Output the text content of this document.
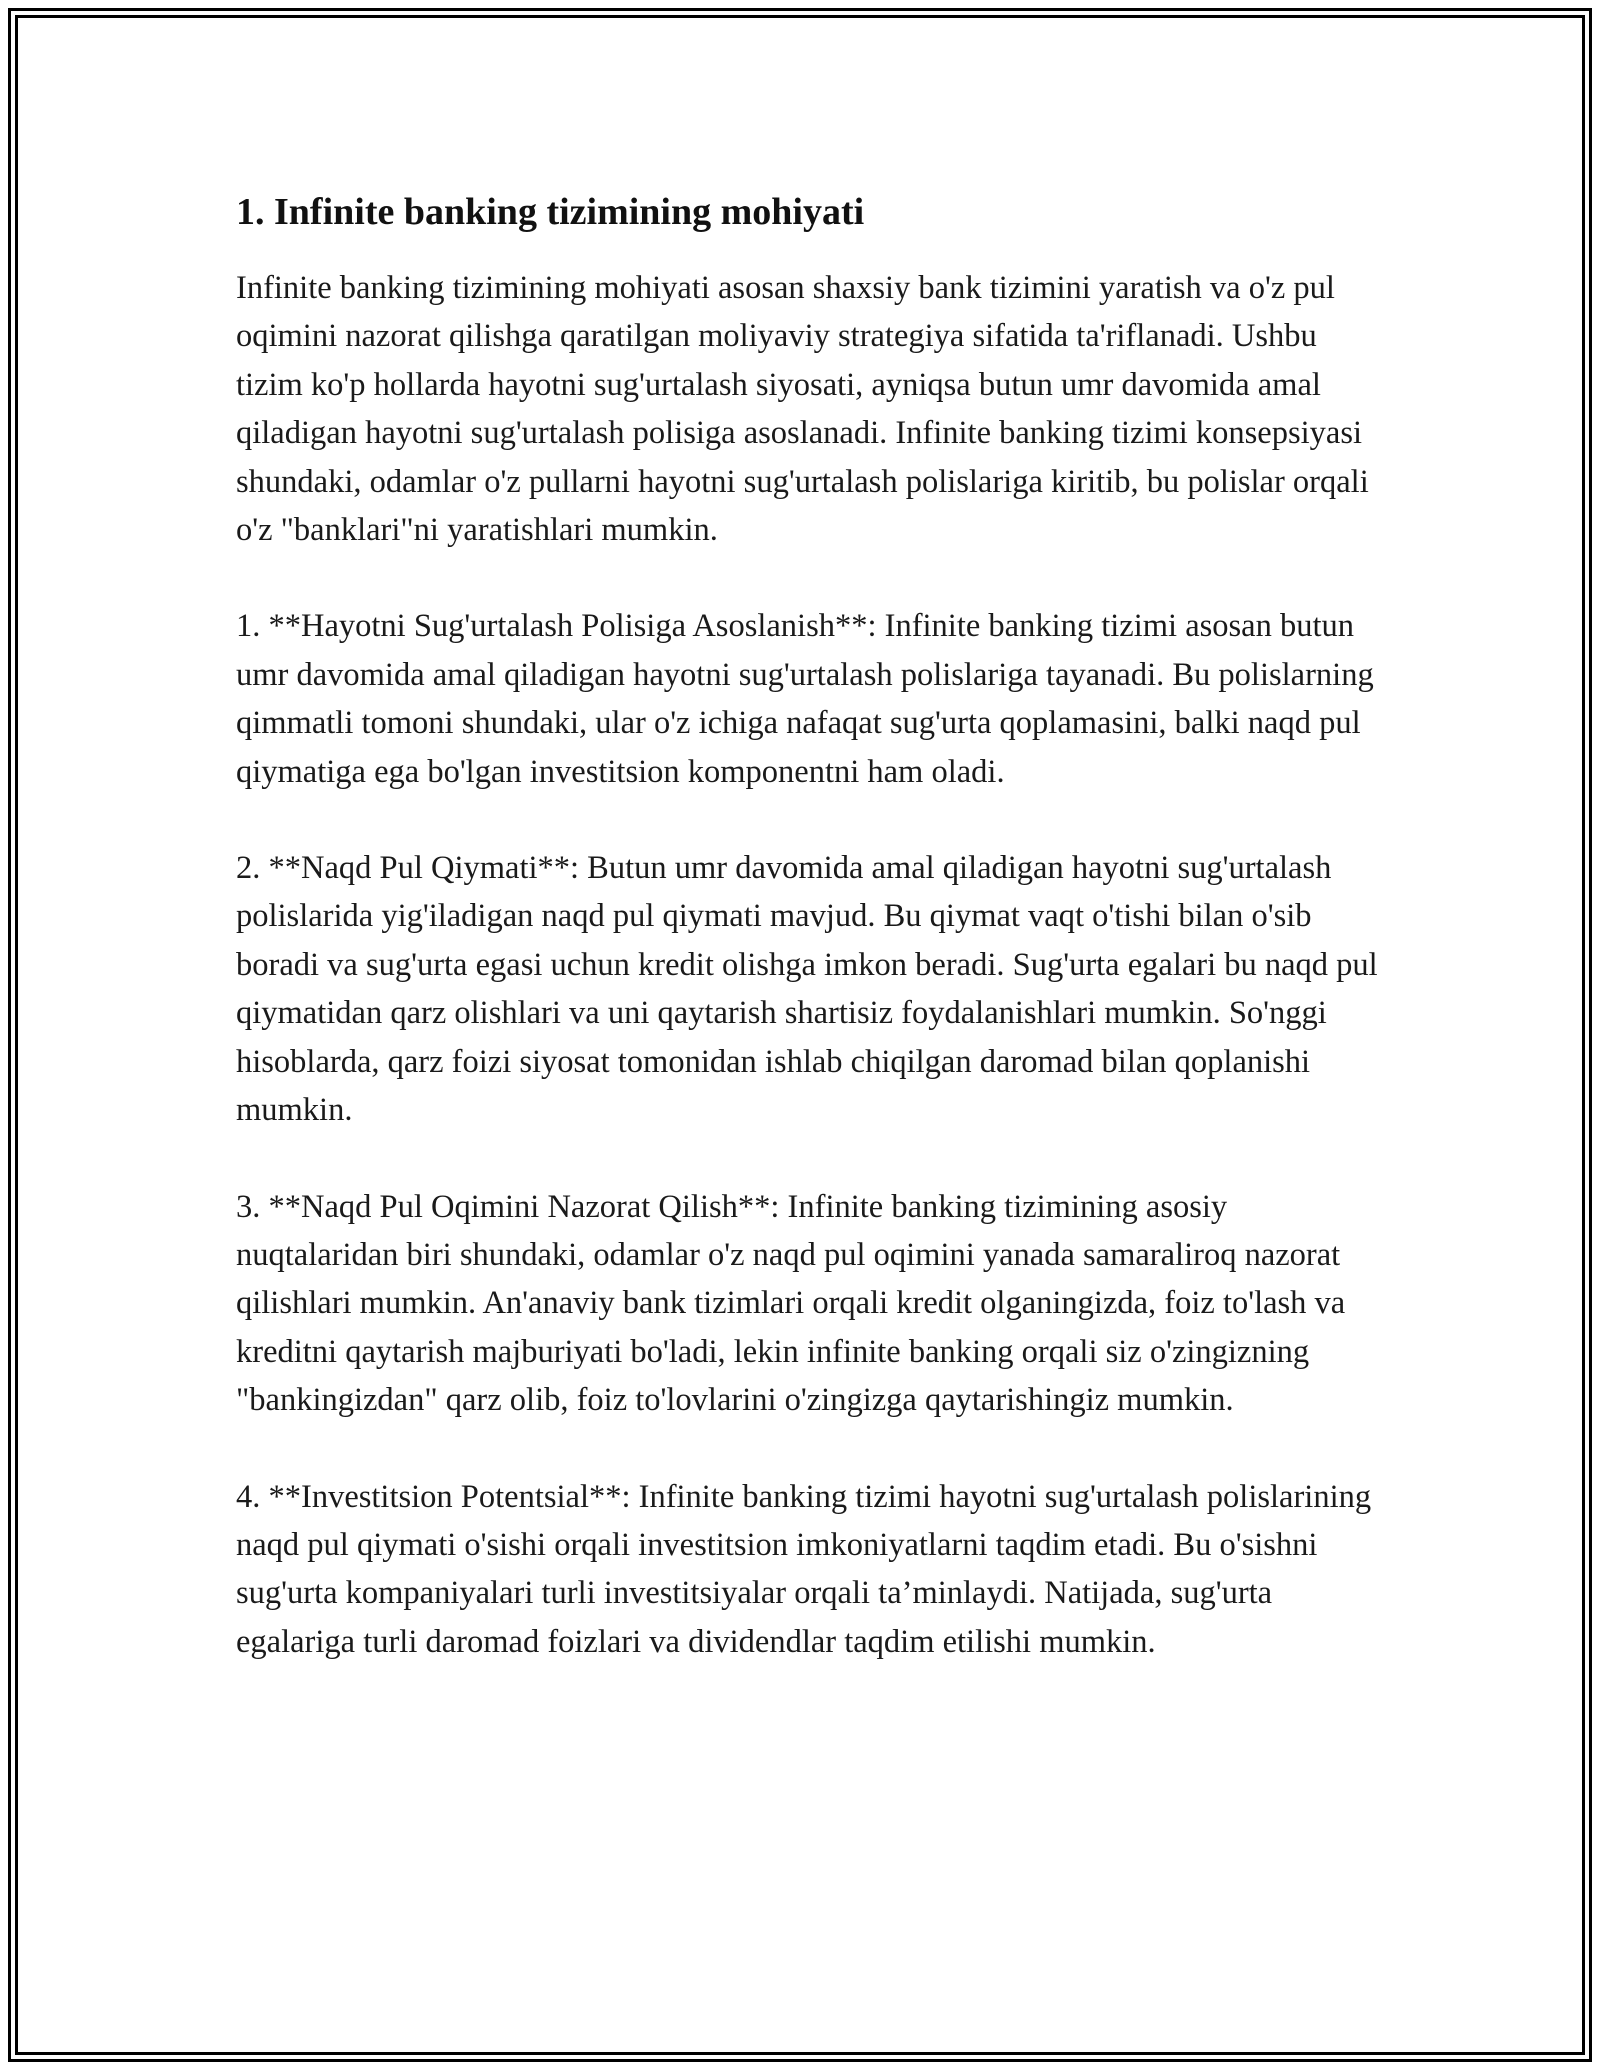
1. Infinite banking tizimining mohiyati

Infinite banking tizimining mohiyati asosan shaxsiy bank tizimini yaratish va o'z pul oqimini nazorat qilishga qaratilgan moliyaviy strategiya sifatida ta'riflanadi. Ushbu tizim ko'p hollarda hayotni sug'urtalash siyosati, ayniqsa butun umr davomida amal qiladigan hayotni sug'urtalash polisiga asoslanadi. Infinite banking tizimi konsepsiyasi shundaki, odamlar o'z pullarni hayotni sug'urtalash polislariga kiritib, bu polislar orqali o'z "banklari"ni yaratishlari mumkin.

1. **Hayotni Sug'urtalash Polisiga Asoslanish**: Infinite banking tizimi asosan butun umr davomida amal qiladigan hayotni sug'urtalash polislariga tayanadi. Bu polislarning qimmatli tomoni shundaki, ular o'z ichiga nafaqat sug'urta qoplamasini, balki naqd pul qiymatiga ega bo'lgan investitsion komponentni ham oladi.

2. **Naqd Pul Qiymati**: Butun umr davomida amal qiladigan hayotni sug'urtalash polislarida yig'iladigan naqd pul qiymati mavjud. Bu qiymat vaqt o'tishi bilan o'sib boradi va sug'urta egasi uchun kredit olishga imkon beradi. Sug'urta egalari bu naqd pul qiymatidan qarz olishlari va uni qaytarish shartisiz foydalanishlari mumkin. So'nggi hisoblarda, qarz foizi siyosat tomonidan ishlab chiqilgan daromad bilan qoplanishi mumkin.

3. **Naqd Pul Oqimini Nazorat Qilish**: Infinite banking tizimining asosiy nuqtalaridan biri shundaki, odamlar o'z naqd pul oqimini yanada samaraliroq nazorat qilishlari mumkin. An'anaviy bank tizimlari orqali kredit olganingizda, foiz to'lash va kreditni qaytarish majburiyati bo'ladi, lekin infinite banking orqali siz o'zingizning "bankingizdan" qarz olib, foiz to'lovlarini o'zingizga qaytarishingiz mumkin.

4. **Investitsion Potentsial**: Infinite banking tizimi hayotni sug'urtalash polislarining naqd pul qiymati o'sishi orqali investitsion imkoniyatlarni taqdim etadi. Bu o'sishni sug'urta kompaniyalari turli investitsiyalar orqali ta’minlaydi. Natijada, sug'urta egalariga turli daromad foizlari va dividendlar taqdim etilishi mumkin.
